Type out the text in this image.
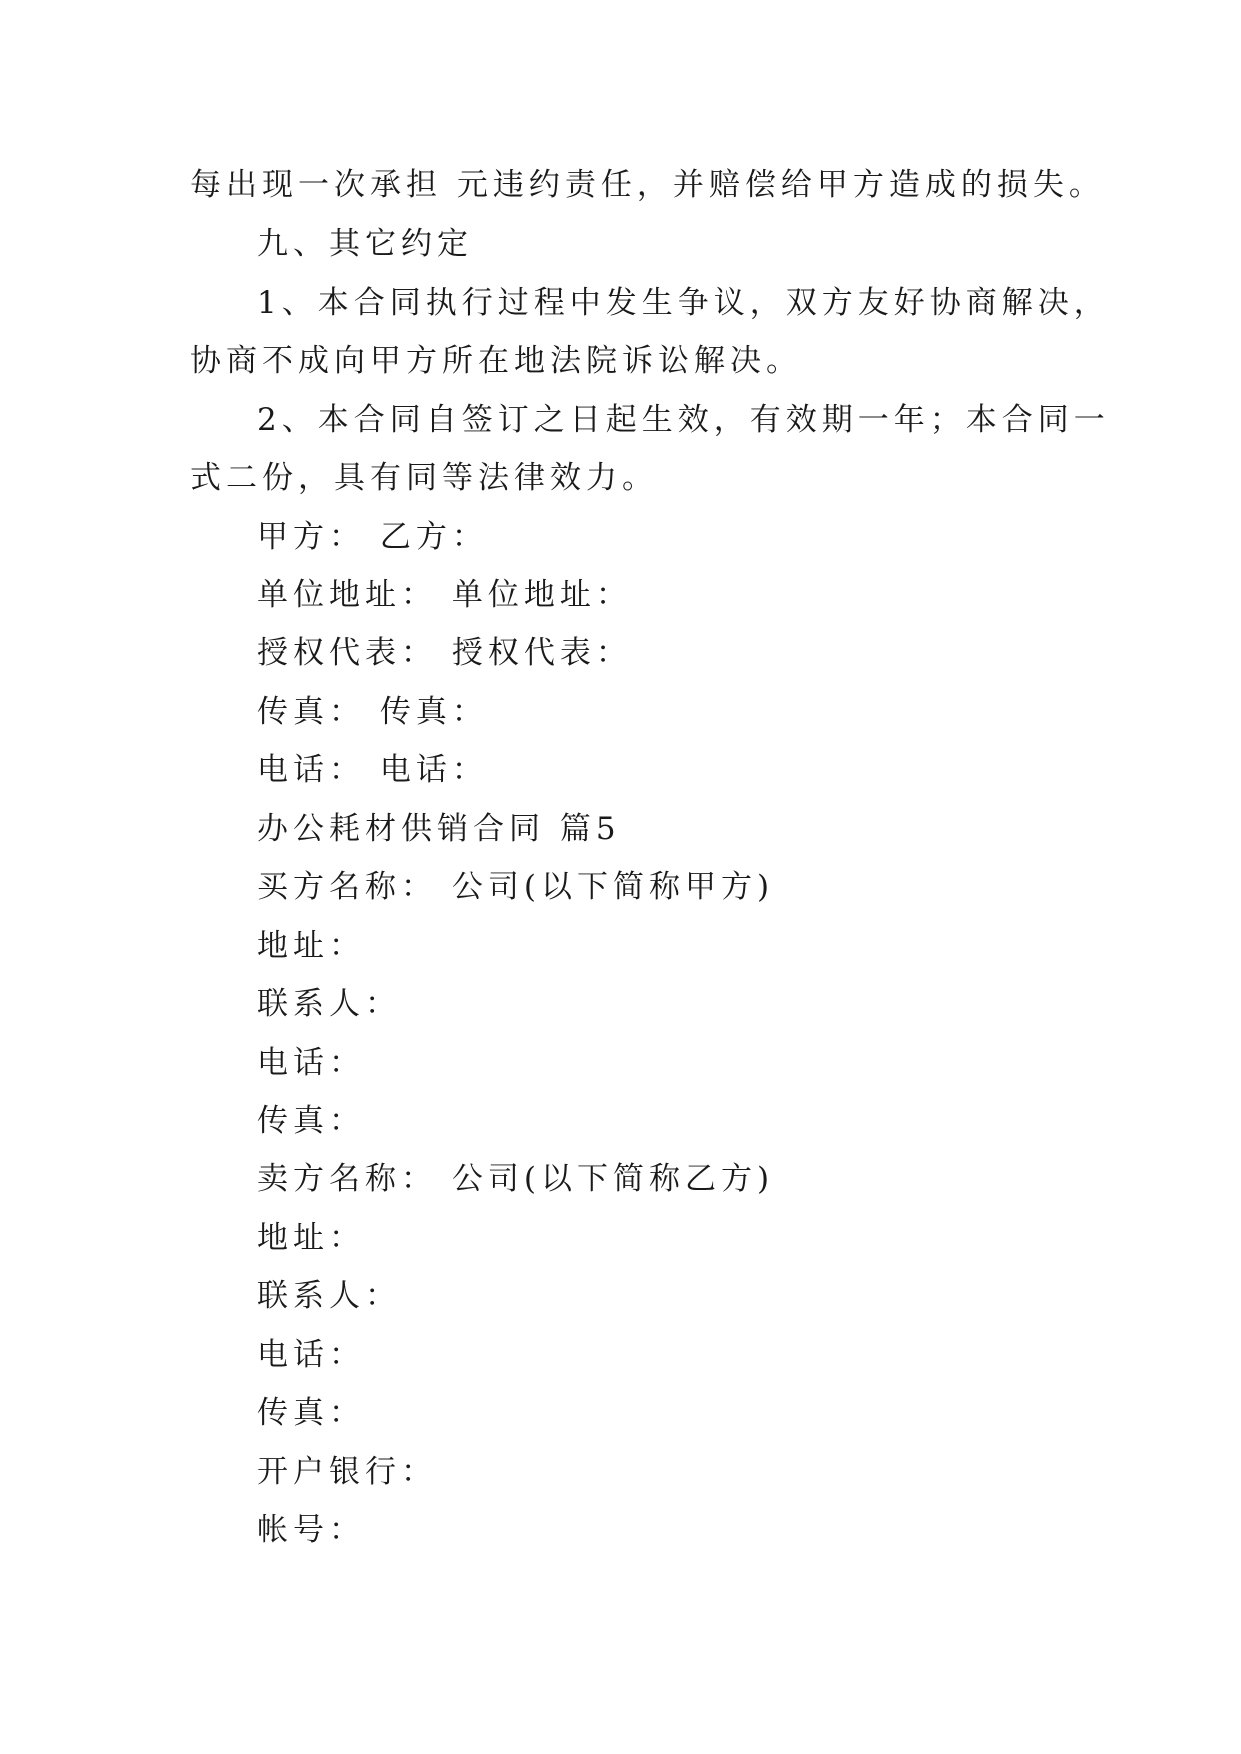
每出现一次承担 元违约责任，并赔偿给甲方造成的损失。
九、其它约定
1、本合同执行过程中发生争议，双方友好协商解决，
协商不成向甲方所在地法院诉讼解决。
2、本合同自签订之日起生效，有效期一年；本合同一
式二份，具有同等法律效力。
甲方： 乙方：
单位地址： 单位地址：
授权代表： 授权代表：
传真： 传真：
电话： 电话：
办公耗材供销合同 篇5
买方名称： 公司(以下简称甲方)
地址：
联系人：
电话：
传真：
卖方名称： 公司(以下简称乙方)
地址：
联系人：
电话：
传真：
开户银行：
帐号：
